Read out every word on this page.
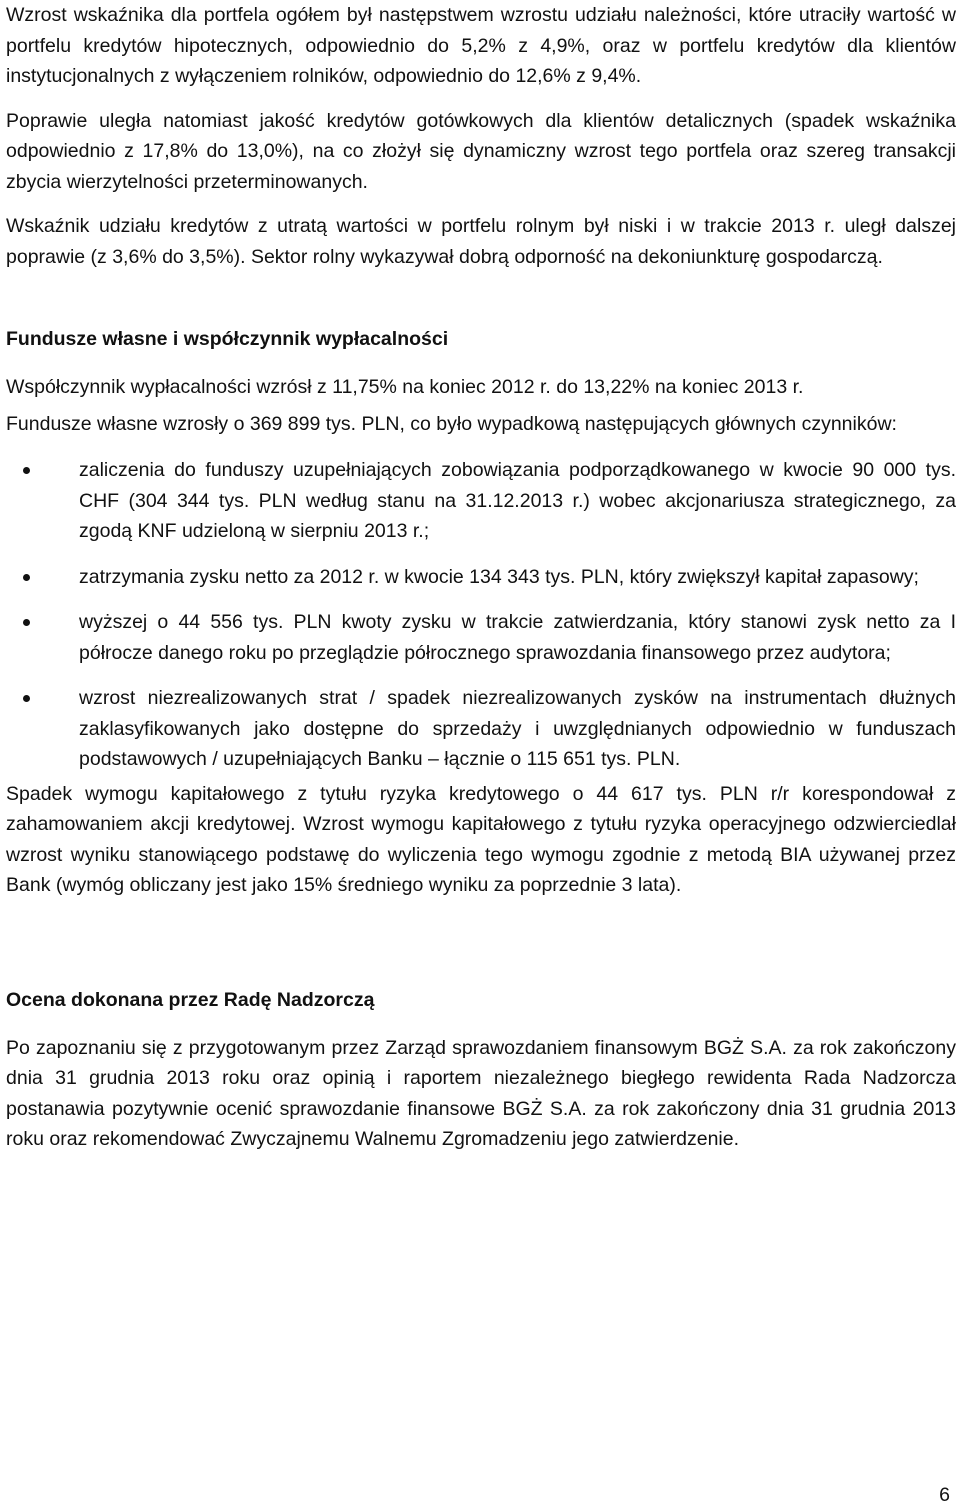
Wzrost wskaźnika dla portfela ogółem był następstwem wzrostu udziału należności, które utraciły wartość w portfelu kredytów hipotecznych, odpowiednio do 5,2% z 4,9%, oraz w portfelu kredytów dla klientów instytucjonalnych z wyłączeniem rolników, odpowiednio do 12,6% z 9,4%.

Poprawie uległa natomiast jakość kredytów gotówkowych dla klientów detalicznych (spadek wskaźnika odpowiednio z 17,8% do 13,0%), na co złożył się dynamiczny wzrost tego portfela oraz szereg transakcji zbycia wierzytelności przeterminowanych.

Wskaźnik udziału kredytów z utratą wartości w portfelu rolnym był niski i w trakcie 2013 r. uległ dalszej poprawie (z 3,6% do 3,5%). Sektor rolny wykazywał dobrą odporność na dekoniunkturę gospodarczą.

Fundusze własne i współczynnik wypłacalności

Współczynnik wypłacalności wzrósł z 11,75% na koniec 2012 r. do 13,22% na koniec 2013 r.

Fundusze własne wzrosły o 369 899 tys. PLN, co było wypadkową następujących głównych czynników:

zaliczenia do funduszy uzupełniających zobowiązania podporządkowanego w kwocie 90 000 tys. CHF (304 344 tys. PLN według stanu na 31.12.2013 r.) wobec akcjonariusza strategicznego, za zgodą KNF udzieloną w sierpniu 2013 r.;
zatrzymania zysku netto za 2012 r. w kwocie 134 343 tys. PLN, który zwiększył kapitał zapasowy;
wyższej o 44 556 tys. PLN kwoty zysku w trakcie zatwierdzania, który stanowi zysk netto za I półrocze danego roku po przeglądzie półrocznego sprawozdania finansowego przez audytora;
wzrost niezrealizowanych strat / spadek niezrealizowanych zysków na instrumentach dłużnych zaklasyfikowanych jako dostępne do sprzedaży i uwzględnianych odpowiednio w funduszach podstawowych / uzupełniających Banku – łącznie o 115 651 tys. PLN.

Spadek wymogu kapitałowego z tytułu ryzyka kredytowego o 44 617 tys. PLN r/r korespondował z zahamowaniem akcji kredytowej. Wzrost wymogu kapitałowego z tytułu ryzyka operacyjnego odzwierciedlał wzrost wyniku stanowiącego podstawę do wyliczenia tego wymogu zgodnie z metodą BIA używanej przez Bank (wymóg obliczany jest jako 15% średniego wyniku za poprzednie 3 lata).

Ocena dokonana przez Radę Nadzorczą

Po zapoznaniu się z przygotowanym przez Zarząd sprawozdaniem finansowym BGŻ S.A. za rok zakończony dnia 31 grudnia 2013 roku oraz opinią i raportem niezależnego biegłego rewidenta Rada Nadzorcza postanawia pozytywnie ocenić sprawozdanie finansowe BGŻ S.A. za rok zakończony dnia 31 grudnia 2013 roku oraz rekomendować Zwyczajnemu Walnemu Zgromadzeniu jego zatwierdzenie.

6
